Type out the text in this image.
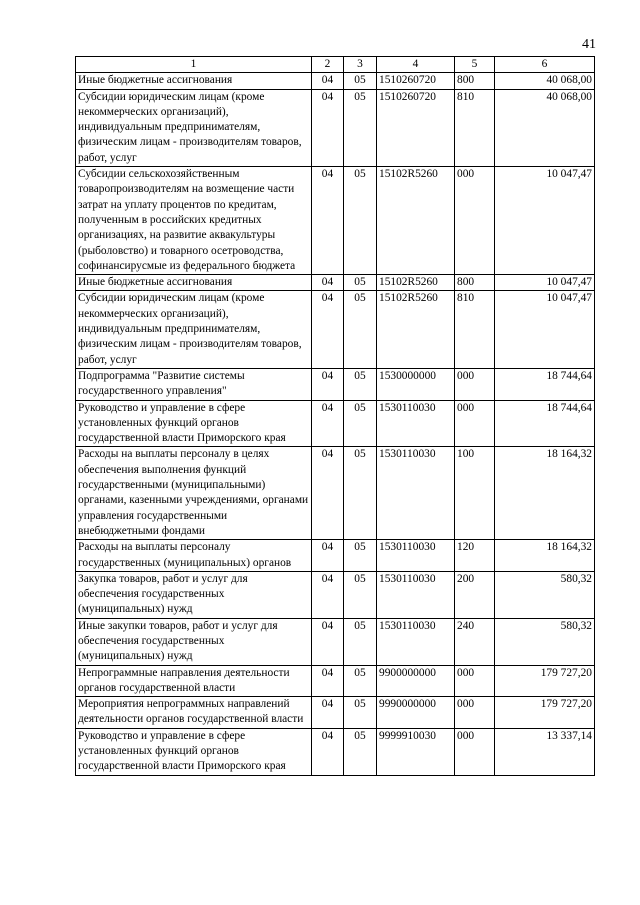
41
1	2	3	4	5	6
Иные бюджетные ассигнования	04	05	1510260720	800	40 068,00
Субсидии юридическим лицам (кроме некоммерческих организаций), индивидуальным предпринимателям, физическим лицам - производителям товаров, работ, услуг	04	05	1510260720	810	40 068,00
Субсидии сельскохозяйственным товаропроизводителям на возмещение части затрат на уплату процентов по кредитам, полученным в российских кредитных организациях, на развитие аквакультуры (рыболовство) и товарного осетроводства, софинансирусмые из федерального бюджета	04	05	15102R5260	000	10 047,47
Иные бюджетные ассигнования	04	05	15102R5260	800	10 047,47
Субсидии юридическим лицам (кроме некоммерческих организаций), индивидуальным предпринимателям, физическим лицам - производителям товаров, работ, услуг	04	05	15102R5260	810	10 047,47
Подпрограмма "Развитие системы государственного управления"	04	05	1530000000	000	18 744,64
Руководство и управление в сфере установленных функций органов государственной власти Приморского края	04	05	1530110030	000	18 744,64
Расходы на выплаты персоналу в целях обеспечения выполнения функций государственными (муниципальными) органами, казенными учреждениями, органами управления государственными внебюджетными фондами	04	05	1530110030	100	18 164,32
Расходы на выплаты персоналу государственных (муниципальных) органов	04	05	1530110030	120	18 164,32
Закупка товаров, работ и услуг для обеспечения государственных (муниципальных) нужд	04	05	1530110030	200	580,32
Иные закупки товаров, работ и услуг для обеспечения государственных (муниципальных) нужд	04	05	1530110030	240	580,32
Непрограммные направления деятельности органов государственной власти	04	05	9900000000	000	179 727,20
Мероприятия непрограммных направлений деятельности органов государственной власти	04	05	9990000000	000	179 727,20
Руководство и управление в сфере установленных функций органов государственной власти Приморского края	04	05	9999910030	000	13 337,14
